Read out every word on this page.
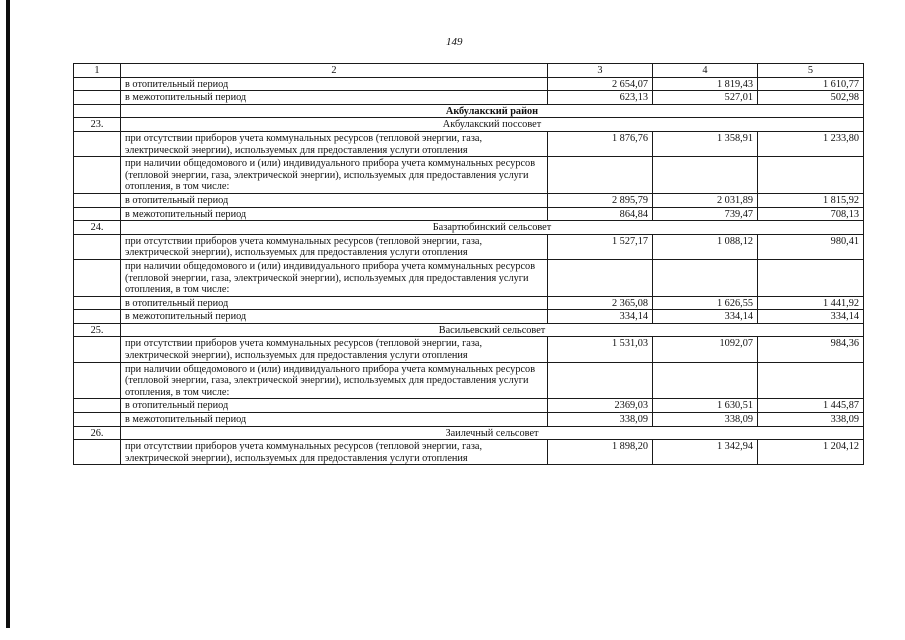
149
1	2	3	4	5
	в отопительный период	2 654,07	1 819,43	1 610,77
	в межотопительный период	623,13	527,01	502,98
	Акбулакский район			
23.	Акбулакский поссовет			
	при отсутствии приборов учета коммунальных ресурсов (тепловой энергии, газа, электрической энергии), используемых для предоставления услуги отопления	1 876,76	1 358,91	1 233,80
	при наличии общедомового и (или) индивидуального прибора учета коммунальных ресурсов (тепловой энергии, газа, электрической энергии), используемых для предоставления услуги отопления, в том числе:			
	в отопительный период	2 895,79	2 031,89	1 815,92
	в межотопительный период	864,84	739,47	708,13
24.	Базартюбинский сельсовет			
	при отсутствии приборов учета коммунальных ресурсов (тепловой энергии, газа, электрической энергии), используемых для предоставления услуги отопления	1 527,17	1 088,12	980,41
	при наличии общедомового и (или) индивидуального прибора учета коммунальных ресурсов (тепловой энергии, газа, электрической энергии), используемых для предоставления услуги отопления, в том числе:			
	в отопительный период	2 365,08	1 626,55	1 441,92
	в межотопительный период	334,14	334,14	334,14
25.	Васильевский сельсовет			
	при отсутствии приборов учета коммунальных ресурсов (тепловой энергии, газа, электрической энергии), используемых для предоставления услуги отопления	1 531,03	1092,07	984,36
	при наличии общедомового и (или) индивидуального прибора учета коммунальных ресурсов (тепловой энергии, газа, электрической энергии), используемых для предоставления услуги отопления, в том числе:			
	в отопительный период	2369,03	1 630,51	1 445,87
	в межотопительный период	338,09	338,09	338,09
26.	Заилечный сельсовет			
	при отсутствии приборов учета коммунальных ресурсов (тепловой энергии, газа, электрической энергии), используемых для предоставления услуги отопления	1 898,20	1 342,94	1 204,12
